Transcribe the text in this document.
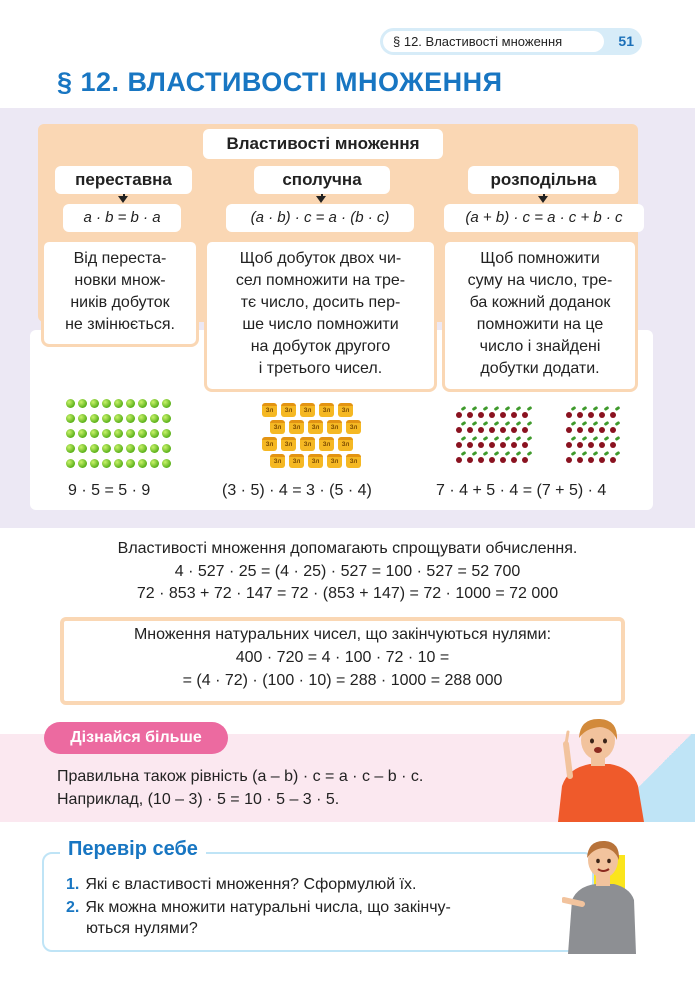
§ 12. Властивості множення	51
§ 12. ВЛАСТИВОСТІ МНОЖЕННЯ
Властивості множення
переставна	сполучна	розподільна
a · b = b · a	(a · b) · c = a · (b · c)	(a + b) · c = a · c + b · c
Від переста-
новки множ-
ників добуток
не змінюється.
Щоб добуток двох чи-
сел помножити на тре-
тє число, досить пер-
ше число помножити
на добуток другого
і третього чисел.
Щоб помножити
суму на число, тре-
ба кожний доданок
помножити на це
число і знайдені
добутки додати.
Зл	Зл	Зл	Зл	Зл
Зл	Зл	Зл	Зл	Зл
Зл	Зл	Зл	Зл	Зл
Зл	Зл	Зл	Зл	Зл
9 · 5 = 5 · 9	(3 · 5) · 4 = 3 · (5 · 4)	7 · 4 + 5 · 4 = (7 + 5) · 4
Властивості множення допомагають спрощувати обчислення.
4 · 527 · 25 = (4 · 25) · 527 = 100 · 527 = 52 700
72 · 853 + 72 · 147 = 72 · (853 + 147) = 72 · 1000 = 72 000
Множення натуральних чисел, що закінчуються нулями:
400 · 720 = 4 · 100 · 72 · 10 =
= (4 · 72) · (100 · 10) = 288 · 1000 = 288 000
Дізнайся більше
Правильна також рівність (a – b) · c = a · c – b · c.
Наприклад, (10 – 3) · 5 = 10 · 5 – 3 · 5.
Перевір себе
1. Які є властивості множення? Сформулюй їх.
2. Як можна множити натуральні числа, що закінчу-
ються нулями?
